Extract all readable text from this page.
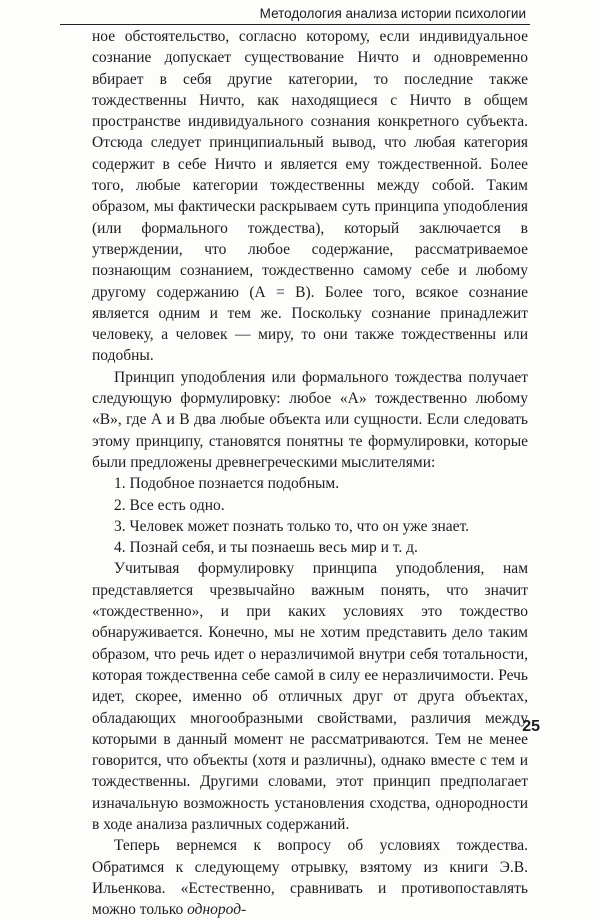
Методология анализа истории психологии

ное обстоятельство, согласно которому, если индивидуальное сознание допускает существование Ничто и одновременно вбирает в себя другие категории, то последние также тождественны Ничто, как находящиеся с Ничто в общем пространстве индивидуального сознания конкретного субъекта. Отсюда следует принципиальный вывод, что любая категория содержит в себе Ничто и является ему тождественной. Более того, любые категории тождественны между собой. Таким образом, мы фактически раскрываем суть принципа уподобления (или формального тождества), который заключается в утверждении, что любое содержание, рассматриваемое познающим сознанием, тождественно самому себе и любому другому содержанию (А = В). Более того, всякое сознание является одним и тем же. Поскольку сознание принадлежит человеку, а человек — миру, то они также тождественны или подобны.

Принцип уподобления или формального тождества получает следующую формулировку: любое «А» тождественно любому «В», где А и В два любые объекта или сущности. Если следовать этому принципу, становятся понятны те формулировки, которые были предложены древнегреческими мыслителями:

1. Подобное познается подобным.
2. Все есть одно.
3. Человек может познать только то, что он уже знает.
4. Познай себя, и ты познаешь весь мир и т. д.

Учитывая формулировку принципа уподобления, нам представляется чрезвычайно важным понять, что значит «тождественно», и при каких условиях это тождество обнаруживается. Конечно, мы не хотим представить дело таким образом, что речь идет о неразличимой внутри себя тотальности, которая тождественна себе самой в силу ее неразличимости. Речь идет, скорее, именно об отличных друг от друга объектах, обладающих многообразными свойствами, различия между которыми в данный момент не рассматриваются. Тем не менее говорится, что объекты (хотя и различны), однако вместе с тем и тождественны. Другими словами, этот принцип предполагает изначальную возможность установления сходства, однородности в ходе анализа различных содержаний.

Теперь вернемся к вопросу об условиях тождества. Обратимся к следующему отрывку, взятому из книги Э.В. Ильенкова. «Естественно, сравнивать и противопоставлять можно только однород-

25
